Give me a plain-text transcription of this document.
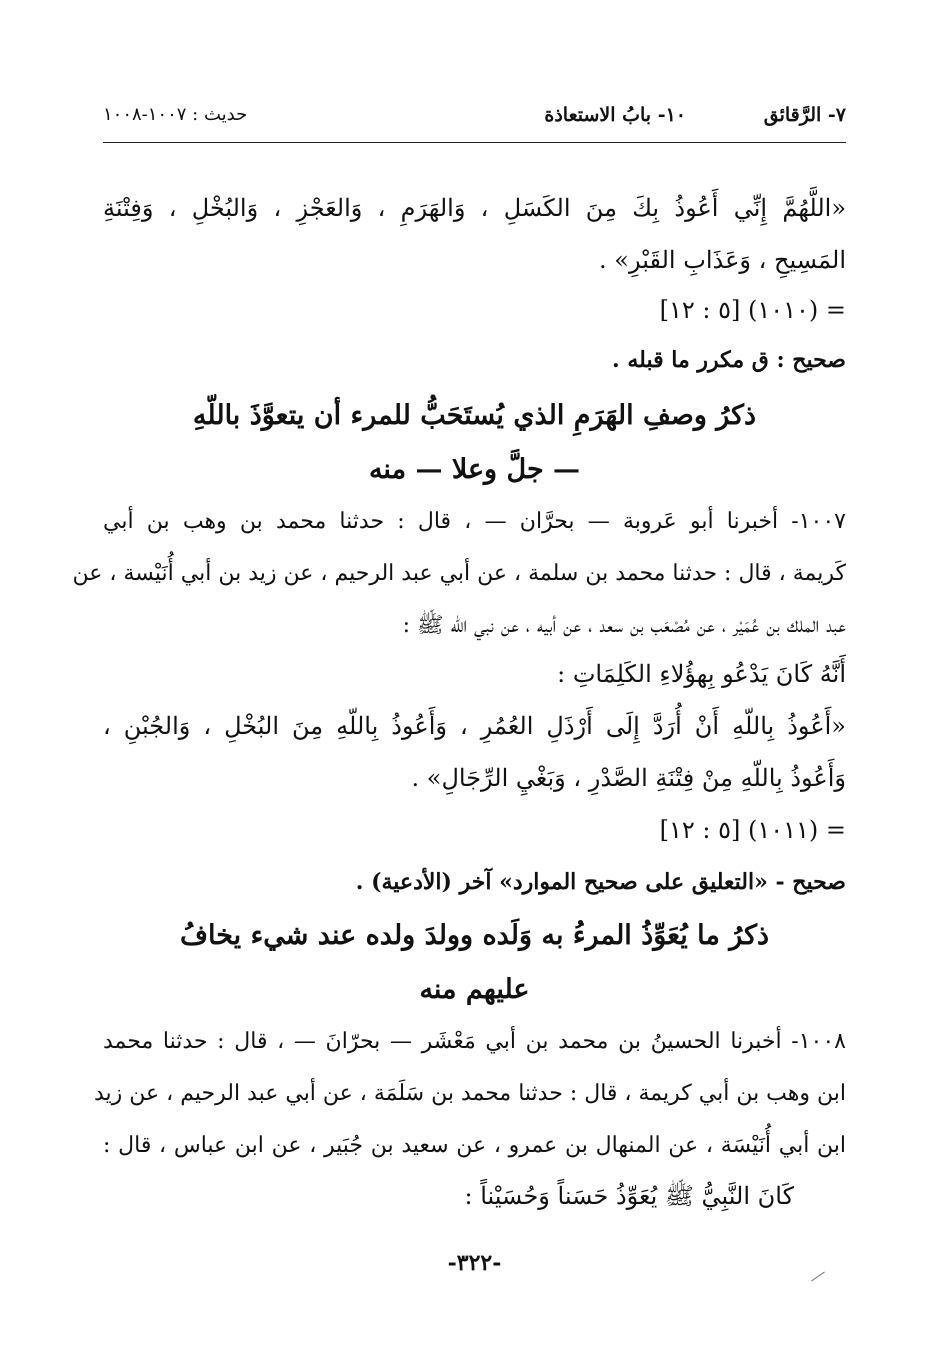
٧- الرَّقائق
١٠- بابُ الاستعاذة
حديث : ١٠٠٧-١٠٠٨
«اللَّهُمَّ إِنِّي أَعُوذُ بِكَ مِنَ الكَسَلِ ، وَالهَرَمِ ، وَالعَجْزِ ، وَالبُخْلِ ، وَفِتْنَةِ
المَسِيحِ ، وَعَذَابِ القَبْرِ» .
= (١٠١٠) [٥ : ١٢]
صحيح : ق مكرر ما قبله .
ذكرُ وصفِ الهَرَمِ الذي يُستَحَبُّ للمرء أن يتعوَّذَ باللّهِ
— جلَّ وعلا — منه
١٠٠٧- أخبرنا أبو عَروبة — بحرَّان — ، قال : حدثنا محمد بن وهب بن أبي
كَريمة ، قال : حدثنا محمد بن سلمة ، عن أبي عبد الرحيم ، عن زيد بن أبي أُنَيْسة ، عن
عبد الملك بن عُمَيْر ، عن مُصْعَب بن سعد ، عن أبيه ، عن نبي اللّه ﷺ :
أَنَّهُ كَانَ يَدْعُو بِهؤُلاءِ الكَلِمَاتِ :
«أَعُوذُ بِاللّهِ أَنْ أُرَدَّ إِلَى أَرْذَلِ العُمُرِ ، وَأَعُوذُ بِاللّهِ مِنَ البُخْلِ ، وَالجُبْنِ ،
وَأَعُوذُ بِاللّهِ مِنْ فِتْنَةِ الصَّدْرِ ، وَبَغْيِ الرِّجَالِ» .
= (١٠١١) [٥ : ١٢]
صحيح - «التعليق على صحيح الموارد» آخر (الأدعية) .
ذكرُ ما يُعَوِّذُ المرءُ به وَلَده وولدَ ولده عند شيء يخافُ
عليهم منه
١٠٠٨- أخبرنا الحسينُ بن محمد بن أبي مَعْشَر — بحرّانَ — ، قال : حدثنا محمد
ابن وهب بن أبي كريمة ، قال : حدثنا محمد بن سَلَمَة ، عن أبي عبد الرحيم ، عن زيد
ابن أبي أُنَيْسَة ، عن المنهال بن عمرو ، عن سعيد بن جُبَير ، عن ابن عباس ، قال :
كَانَ النَّبِيُّ ﷺ يُعَوِّذُ حَسَناً وَحُسَيْناً :
-٣٢٢-
